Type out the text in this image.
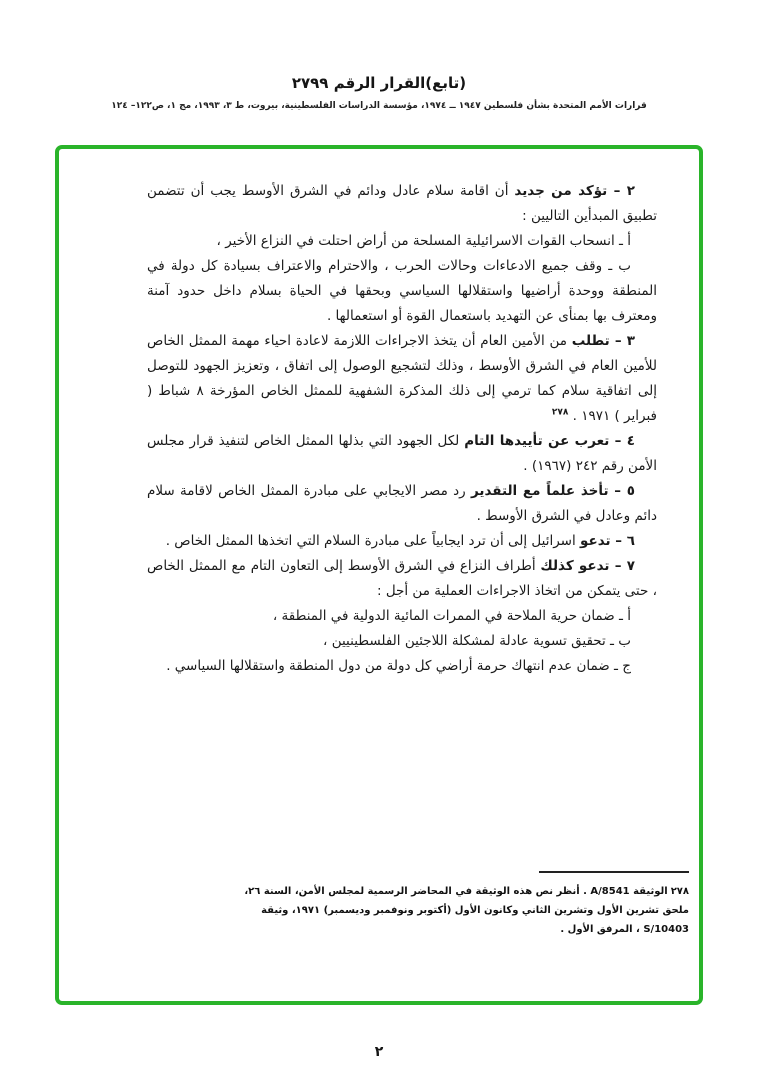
(تابع)القرار الرقم ٢٧٩٩
قرارات الأمم المتحدة بشأن فلسطين ١٩٤٧ ــ ١٩٧٤، مؤسسة الدراسات الفلسطينية، بيروت، ط ٣، ١٩٩٣، مج ١، ص١٢٢– ١٢٤

٢ – تؤكد من جديد أن اقامة سلام عادل ودائم في الشرق الأوسط يجب أن تتضمن تطبيق المبدأين التاليين :

أ ـ انسحاب القوات الاسرائيلية المسلحة من أراض احتلت في النزاع الأخير ،

ب ـ وقف جميع الادعاءات وحالات الحرب ، والاحترام والاعتراف بسيادة كل دولة في المنطقة ووحدة أراضيها واستقلالها السياسي وبحقها في الحياة بسلام داخل حدود آمنة ومعترف بها بمنأى عن التهديد باستعمال القوة أو استعمالها .

٣ – تطلب من الأمين العام أن يتخذ الاجراءات اللازمة لاعادة احياء مهمة الممثل الخاص للأمين العام في الشرق الأوسط ، وذلك لتشجيع الوصول إلى اتفاق ، وتعزيز الجهود للتوصل إلى اتفاقية سلام كما ترمي إلى ذلك المذكرة الشفهية للممثل الخاص المؤرخة ٨ شباط ( فبراير ) ١٩٧١ . $^{٢٧٨}$

٤ – تعرب عن تأييدها التام لكل الجهود التي بذلها الممثل الخاص لتنفيذ قرار مجلس الأمن رقم ٢٤٢ (١٩٦٧) .

٥ – تأخذ علماً مع التقدير رد مصر الايجابي على مبادرة الممثل الخاص لاقامة سلام دائم وعادل في الشرق الأوسط .

٦ – تدعو اسرائيل إلى أن ترد ايجابياً على مبادرة السلام التي اتخذها الممثل الخاص .

٧ – تدعو كذلك أطراف النزاع في الشرق الأوسط إلى التعاون التام مع الممثل الخاص ، حتى يتمكن من اتخاذ الاجراءات العملية من أجل :

أ ـ ضمان حرية الملاحة في الممرات المائية الدولية في المنطقة ،

ب ـ تحقيق تسوية عادلة لمشكلة اللاجئين الفلسطينيين ،

ج ـ ضمان عدم انتهاك حرمة أراضي كل دولة من دول المنطقة واستقلالها السياسي .

٢٧٨الوثيقة A/8541 . أنظر نص هذه الوثيقة في المحاضر الرسمية لمجلس الأمن، السنة ٢٦،
ملحق تشرين الأول وتشرين الثاني وكانون الأول (أكتوبر ونوفمبر وديسمبر) ١٩٧١، وثيقة
S/10403 ، المرفق الأول .
٢
